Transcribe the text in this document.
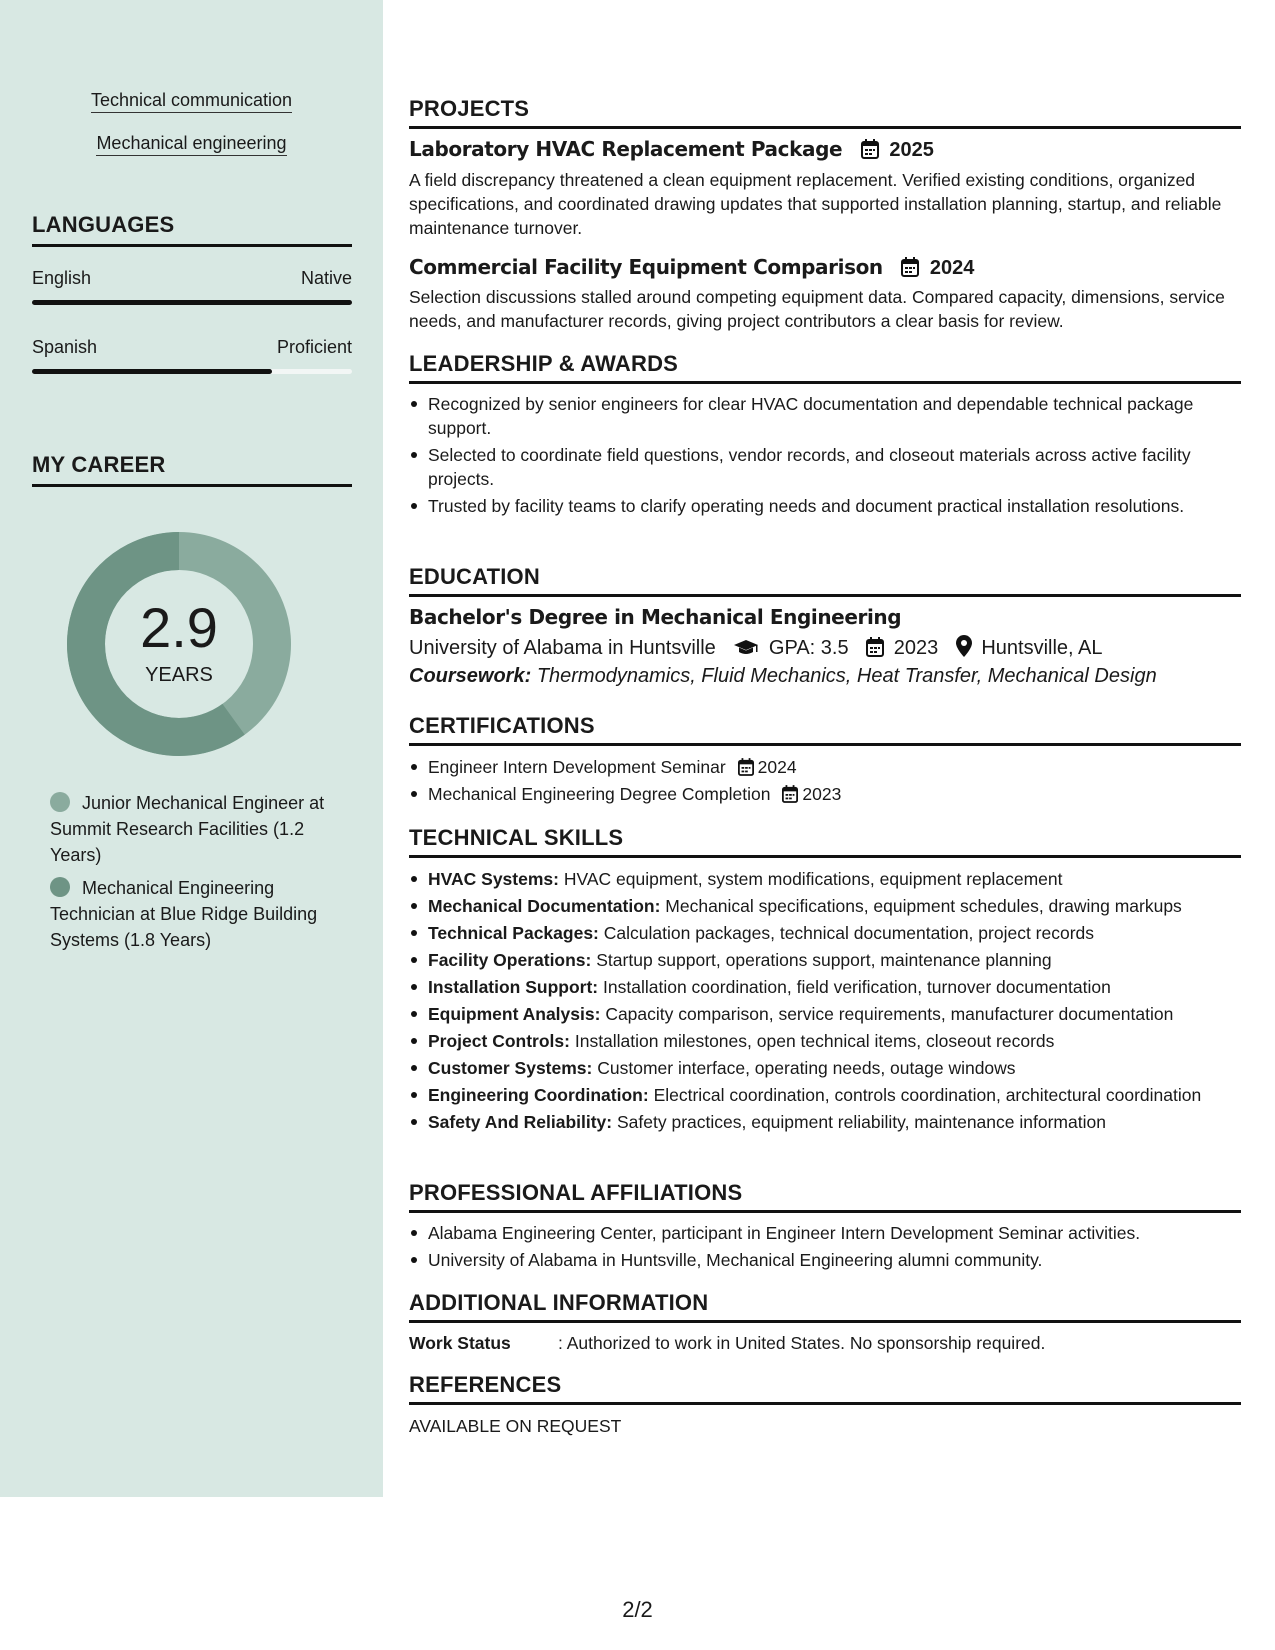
Technical communication
Mechanical engineering
LANGUAGES
English	Native
Spanish	Proficient
MY CAREER
2.9
YEARS
Junior Mechanical Engineer at Summit Research Facilities (1.2 Years)
Mechanical Engineering Technician at Blue Ridge Building Systems (1.8 Years)
PROJECTS
Laboratory HVAC Replacement Package 2025
A field discrepancy threatened a clean equipment replacement. Verified existing conditions, organized specifications, and coordinated drawing updates that supported installation planning, startup, and reliable maintenance turnover.
Commercial Facility Equipment Comparison 2024
Selection discussions stalled around competing equipment data. Compared capacity, dimensions, service needs, and manufacturer records, giving project contributors a clear basis for review.
LEADERSHIP & AWARDS
Recognized by senior engineers for clear HVAC documentation and dependable technical package support.
Selected to coordinate field questions, vendor records, and closeout materials across active facility projects.
Trusted by facility teams to clarify operating needs and document practical installation resolutions.
EDUCATION
Bachelor's Degree in Mechanical Engineering
University of Alabama in Huntsville	GPA: 3.5 2023 Huntsville, AL
Coursework: Thermodynamics, Fluid Mechanics, Heat Transfer, Mechanical Design
CERTIFICATIONS
Engineer Intern Development Seminar 2024
Mechanical Engineering Degree Completion 2023
TECHNICAL SKILLS
HVAC Systems: HVAC equipment, system modifications, equipment replacement
Mechanical Documentation: Mechanical specifications, equipment schedules, drawing markups
Technical Packages: Calculation packages, technical documentation, project records
Facility Operations: Startup support, operations support, maintenance planning
Installation Support: Installation coordination, field verification, turnover documentation
Equipment Analysis: Capacity comparison, service requirements, manufacturer documentation
Project Controls: Installation milestones, open technical items, closeout records
Customer Systems: Customer interface, operating needs, outage windows
Engineering Coordination: Electrical coordination, controls coordination, architectural coordination
Safety And Reliability: Safety practices, equipment reliability, maintenance information
PROFESSIONAL AFFILIATIONS
Alabama Engineering Center, participant in Engineer Intern Development Seminar activities.
University of Alabama in Huntsville, Mechanical Engineering alumni community.
ADDITIONAL INFORMATION
Work Status	: Authorized to work in United States. No sponsorship required.
REFERENCES
AVAILABLE ON REQUEST
2/2
